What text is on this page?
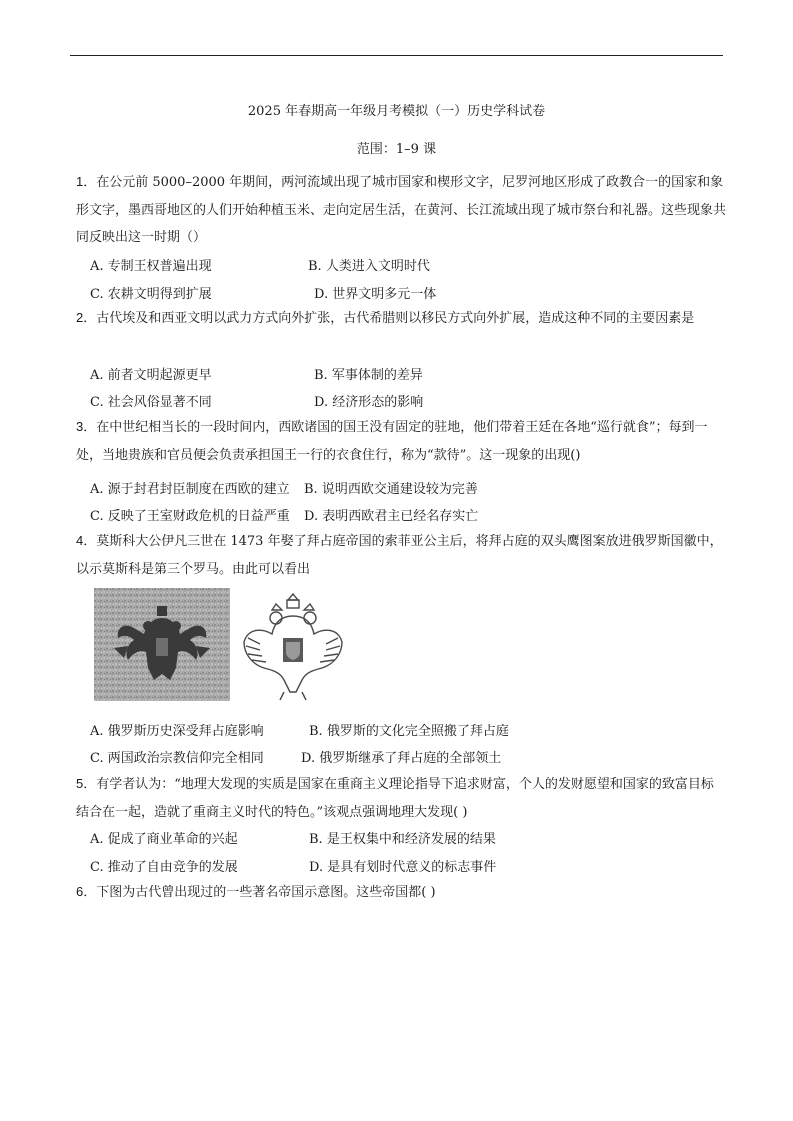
2025 年春期高一年级月考模拟（一）历史学科试卷
范围：1–9 课
1．在公元前 5000–2000 年期间，两河流域出现了城市国家和楔形文字，尼罗河地区形成了政教合一的国家和象形文字，墨西哥地区的人们开始种植玉米、走向定居生活，在黄河、长江流域出现了城市祭台和礼器。这些现象共同反映出这一时期（）
A. 专制王权普遍出现	B. 人类进入文明时代
C. 农耕文明得到扩展	D. 世界文明多元一体
2．古代埃及和西亚文明以武力方式向外扩张，古代希腊则以移民方式向外扩展，造成这种不同的主要因素是
A. 前者文明起源更早	B. 军事体制的差异
C. 社会风俗显著不同	D. 经济形态的影响
3．在中世纪相当长的一段时间内，西欧诸国的国王没有固定的驻地，他们带着王廷在各地“巡行就食”；每到一处，当地贵族和官员便会负责承担国王一行的衣食住行，称为“款待”。这一现象的出现()
A. 源于封君封臣制度在西欧的建立 B. 说明西欧交通建设较为完善
C. 反映了王室财政危机的日益严重 D. 表明西欧君主已经名存实亡
4．莫斯科大公伊凡三世在 1473 年娶了拜占庭帝国的索菲亚公主后，将拜占庭的双头鹰图案放进俄罗斯国徽中，以示莫斯科是第三个罗马。由此可以看出
A. 俄罗斯历史深受拜占庭影响	B. 俄罗斯的文化完全照搬了拜占庭
C. 两国政治宗教信仰完全相同	D. 俄罗斯继承了拜占庭的全部领土
5．有学者认为：“地理大发现的实质是国家在重商主义理论指导下追求财富，个人的发财愿望和国家的致富目标结合在一起，造就了重商主义时代的特色。”该观点强调地理大发现( )
A. 促成了商业革命的兴起	B. 是王权集中和经济发展的结果
C. 推动了自由竞争的发展	D. 是具有划时代意义的标志事件
6．下图为古代曾出现过的一些著名帝国示意图。这些帝国都( )
